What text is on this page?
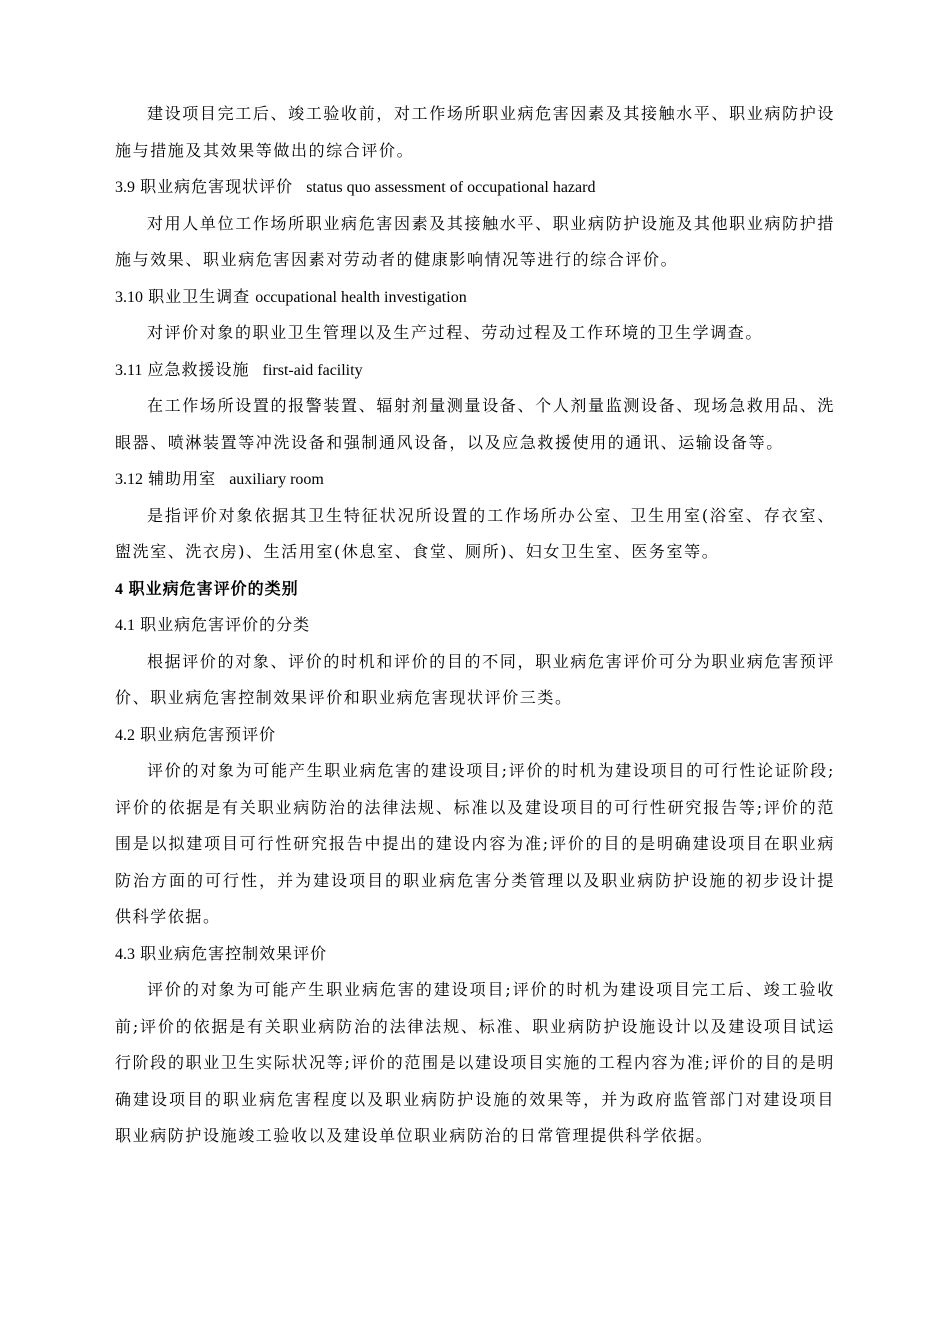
建设项目完工后、竣工验收前，对工作场所职业病危害因素及其接触水平、职业病防护设施与措施及其效果等做出的综合评价。

3.9 职业病危害现状评价 status quo assessment of occupational hazard

对用人单位工作场所职业病危害因素及其接触水平、职业病防护设施及其他职业病防护措施与效果、职业病危害因素对劳动者的健康影响情况等进行的综合评价。

3.10 职业卫生调查 occupational health investigation

对评价对象的职业卫生管理以及生产过程、劳动过程及工作环境的卫生学调查。

3.11 应急救援设施 first-aid facility

在工作场所设置的报警装置、辐射剂量测量设备、个人剂量监测设备、现场急救用品、洗眼器、喷淋装置等冲洗设备和强制通风设备，以及应急救援使用的通讯、运输设备等。

3.12 辅助用室 auxiliary room

是指评价对象依据其卫生特征状况所设置的工作场所办公室、卫生用室(浴室、存衣室、盥洗室、洗衣房)、生活用室(休息室、食堂、厕所)、妇女卫生室、医务室等。

4 职业病危害评价的类别
4.1 职业病危害评价的分类

根据评价的对象、评价的时机和评价的目的不同，职业病危害评价可分为职业病危害预评价、职业病危害控制效果评价和职业病危害现状评价三类。

4.2 职业病危害预评价

评价的对象为可能产生职业病危害的建设项目;评价的时机为建设项目的可行性论证阶段;评价的依据是有关职业病防治的法律法规、标准以及建设项目的可行性研究报告等;评价的范围是以拟建项目可行性研究报告中提出的建设内容为准;评价的目的是明确建设项目在职业病防治方面的可行性，并为建设项目的职业病危害分类管理以及职业病防护设施的初步设计提供科学依据。

4.3 职业病危害控制效果评价

评价的对象为可能产生职业病危害的建设项目;评价的时机为建设项目完工后、竣工验收前;评价的依据是有关职业病防治的法律法规、标准、职业病防护设施设计以及建设项目试运行阶段的职业卫生实际状况等;评价的范围是以建设项目实施的工程内容为准;评价的目的是明确建设项目的职业病危害程度以及职业病防护设施的效果等，并为政府监管部门对建设项目职业病防护设施竣工验收以及建设单位职业病防治的日常管理提供科学依据。
